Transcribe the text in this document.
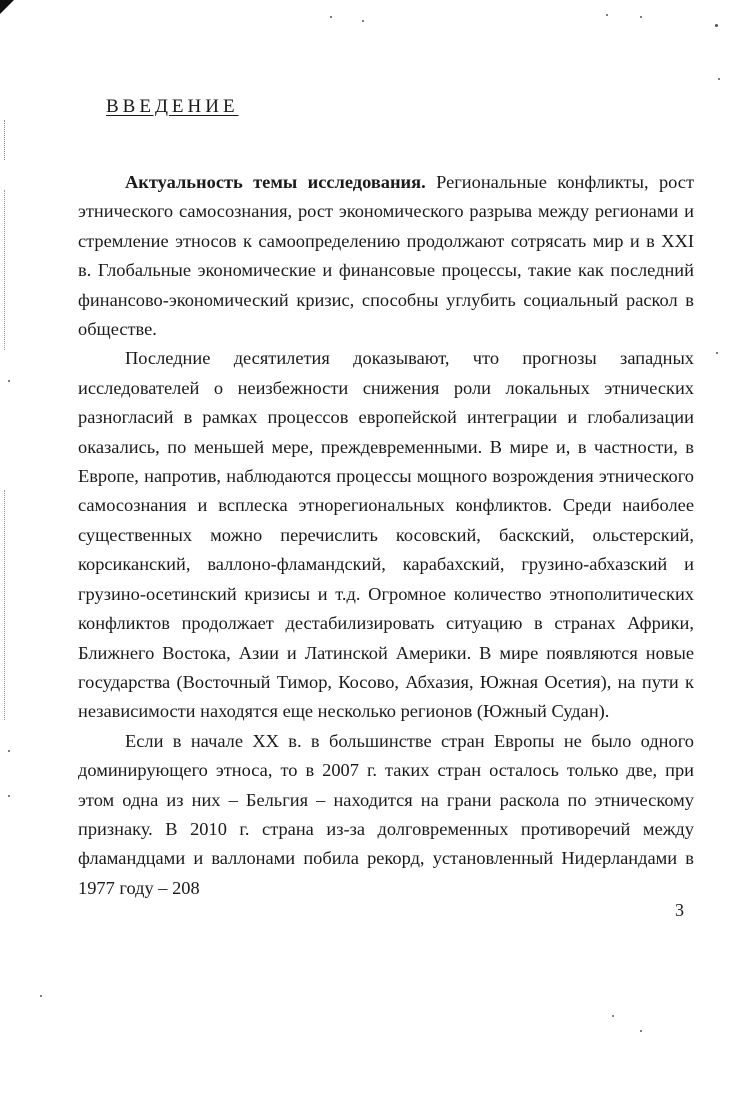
ВВЕДЕНИЕ

Актуальность темы исследования. Региональные конфликты, рост этнического самосознания, рост экономического разрыва между регионами и стремление этносов к самоопределению продолжают сотрясать мир и в XXI в. Глобальные экономические и финансовые процессы, такие как последний финансово-экономический кризис, способны углубить социальный раскол в обществе.

Последние десятилетия доказывают, что прогнозы западных исследователей о неизбежности снижения роли локальных этнических разногласий в рамках процессов европейской интеграции и глобализации оказались, по меньшей мере, преждевременными. В мире и, в частности, в Европе, напротив, наблюдаются процессы мощного возрождения этнического самосознания и всплеска этнорегиональных конфликтов. Среди наиболее существенных можно перечислить косовский, баскский, ольстерский, корсиканский, валлоно-фламандский, карабахский, грузино-абхазский и грузино-осетинский кризисы и т.д. Огромное количество этнополитических конфликтов продолжает дестабилизировать ситуацию в странах Африки, Ближнего Востока, Азии и Латинской Америки. В мире появляются новые государства (Восточный Тимор, Косово, Абхазия, Южная Осетия), на пути к независимости находятся еще несколько регионов (Южный Судан).

Если в начале XX в. в большинстве стран Европы не было одного доминирующего этноса, то в 2007 г. таких стран осталось только две, при этом одна из них – Бельгия – находится на грани раскола по этническому признаку. В 2010 г. страна из-за долговременных противоречий между фламандцами и валлонами побила рекорд, установленный Нидерландами в 1977 году – 208

3
